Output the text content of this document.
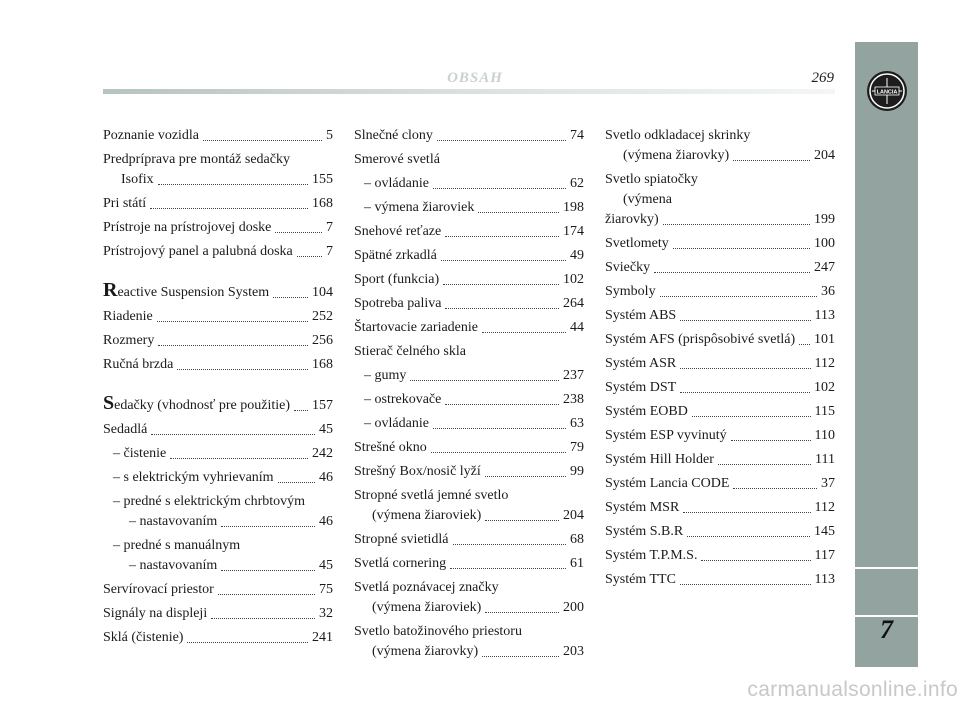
OBSAH	269
7
LANCIA
Poznanie vozidla	5
Predpríprava pre montáž sedačky
Isofix	155
Pri státí	168
Prístroje na prístrojovej doske	7
Prístrojový panel a palubná doska 7
Reactive Suspension System	104
Riadenie	252
Rozmery	256
Ručná brzda	168
Sedačky (vhodnosť pre použitie) 157
Sedadlá	45
– čistenie	242
– s elektrickým vyhrievaním	46
– predné s elektrickým chrbtovým
– nastavovaním	46
– predné s manuálnym
– nastavovaním	45
Servírovací priestor	75
Signály na displeji	32
Sklá (čistenie)	241
Slnečné clony	74
Smerové svetlá
– ovládanie	62
– výmena žiaroviek	198
Snehové reťaze	174
Spätné zrkadlá	49
Sport (funkcia)	102
Spotreba paliva	264
Štartovacie zariadenie	44
Stierač čelného skla
– gumy	237
– ostrekovače	238
– ovládanie	63
Strešné okno	79
Strešný Box/nosič lyží	99
Stropné svetlá jemné svetlo
(výmena žiaroviek)	204
Stropné svietidlá	68
Svetlá cornering	61
Svetlá poznávacej značky
(výmena žiaroviek)	200
Svetlo batožinového priestoru
(výmena žiarovky)	203
Svetlo odkladacej skrinky
(výmena žiarovky)	204
Svetlo spiatočky
(výmena
žiarovky)	199
Svetlomety	100
Sviečky	247
Symboly	36
Systém ABS	113
Systém AFS (prispôsobivé svetlá) 101
Systém ASR	112
Systém DST	102
Systém EOBD	115
Systém ESP vyvinutý	110
Systém Hill Holder	111
Systém Lancia CODE	37
Systém MSR	112
Systém S.B.R	145
Systém T.P.M.S.	117
Systém TTC	113
carmanualsonline.info
